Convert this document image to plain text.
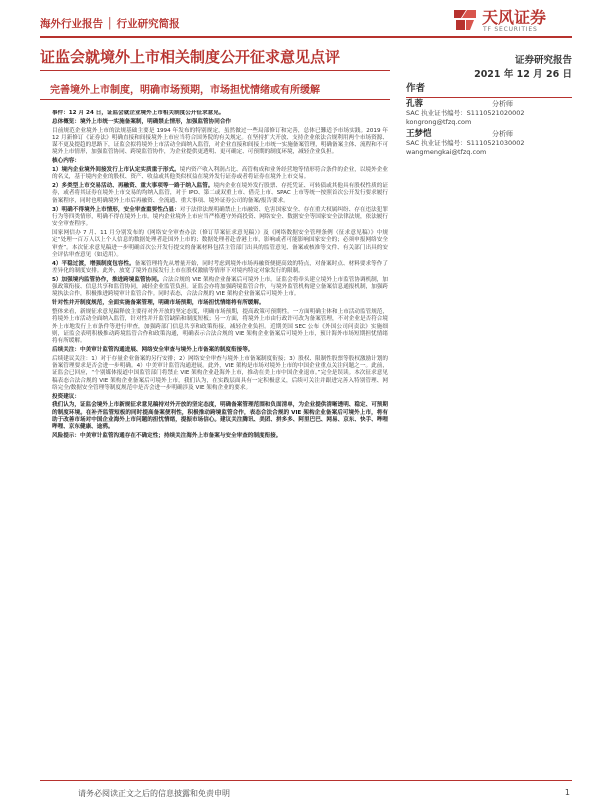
海外行业报告 │ 行业研究简报	天风证券
TF SECURITIES
证监会就境外上市相关制度公开征求意见点评	证券研究报告
2021 年 12 月 26 日
完善境外上市制度，明确市场预期，市场担忧情绪或有所缓解	作者
孔蓉	分析师
SAC 执业证书编号：S1110521020002
kongrong@tfzq.com
王梦恺	分析师
SAC 执业证书编号：S1110521030002
wangmengkai@tfzq.com

事件：12 月 24 日，证监会就企业境外上市相关制度公开征求意见。

总体概览：境外上市统一实施备案制，明确禁止情形，加强监管协同合作

目前规范企业境外上市的法规基础主要是 1994 年发布的特别规定，虽然做过一些局部修订和完善，总体已難适予市场实践。2019 年 12 月新修订《证券法》明确直接和间接境外上市应当符合国务院的有关规定。在坚持扩大开放、支持企业依法合规利用两个市场资源、谋不更及提趋的思路下，证监会拟将境外上市活动全面纳入监管，对企业直接和间接上市统一实施备案管理，明确备案主体、流程和不可境外上市情形，加强监管协同、跨境监管协作，为企业提供更透明、更可确定、可预期的制度环境，减轻企业负担。

核心内容：

1）境内企业境外间接发行上市认定实质重于形式。境内资产收入利润占比、高管构成和业务经营地等情形符合条件的企业，以境外企业的名义，基于境内企业的股权、资产、收益或其他类似权益在境外发行证券或者将证券在境外上市交易。

2）多类型上市交易活动、再融资、重大事项等一路于纳入监管。境内企业在境外发行股票、存托凭证、可转债或其他具有股权性质的证券，或者将其证券在境外上市交易的均纳入监管，对于 IPO、第二或双重上市、借壳上市、SPAC 上市等统一按照首次公开发行要求履行备案程序，同时也明确境外上市后再融资、全流通、重大事项、境外证券公司的备案/报告要求。

3）明确不得境外上市情形，安全审查重要性凸显：对于法律法规明确禁止上市融资、危害国家安全、存在重大权属纠纷、存在违法犯罪行为等四类情形，明确不得在境外上市。境内企业境外上市应当严格遵守外商投资、网络安全、数据安全等国家安全法律法规，依法履行安全审查程序。

国家网信办 7 月、11 月分别发布的《网络安全审查办法（修订草案征求意见稿）》及《网络数据安全管理条例（征求意见稿）》中规定“处理一百万人以上个人信息的数据处理者赴国外上市的；数据处理者赴香港上市，影响或者可能影响国家安全的；必须申报网络安全审查”。本次征求意见稿进一步明确首次公开发行提交的备案材料包括主管部门出具的监管意见、备案或核准等文件、有关部门出具的安全评估审查意见（如适用）。

4）平稳过渡，增强制度包容性。备案管理将先从增量开始，同时考虑到境外市场再融资便捷高效的特点，对备案时点、材料要求等作了差异化的制度安排。此外，放宽了境外直接发行上市在股权激励等情形下对境内特定对象发行的限制。

5）加强境内监管协作，推进跨境监管协同。合法合规的 VIE 架构企业备案后可境外上市。证监会将牵头建立境外上市监管协调机制，加强政策衔接、信息共享和监管协同，减轻企业监管负担。证监会亦将加强跨境监管合作，与境外监管机构建立备案信息通报机制，加强跨境执法合作，积极推进跨境审计监管合作。同时表态，合法合规的 VIE 架构企业备案后可境外上市。

针对性并开制度规范，全面实施备案管理，明确市场预期，市场担忧情绪将有所缓解。

整体来看，新规征求意见稿释放主要待对外开放的坚定态度，明确市场预期，提高政策可预期性。一方面明确主体和上市活动监管规范，将境外上市活动全面纳入监管，针对性并开监管缺陷和制度短板；另一方面，将境外上市由行政许可改为备案管理，不对企业是否符合境外上市地发行上市条件等进行审查，加强跨部门信息共享和政策衔接，减轻企业负担。近期美国 SEC 公布《外国公司问责法》实施细则，证监会表明积极推动跨境监管合作和政策沟通，明确表示合法合规的 VIE 架构企业备案后可境外上市，预计海外市场短期担忧情绪将有所缓解。

后续关注：中美审计监管沟通进展、网络安全审查与境外上市备案的制度衔接等。

后续建议关注：1）对于存量企业备案的另行安排；2）网络安全审查与境外上市备案制度衔接；3）股权、限制性股票等股权激励计划的备案管理要求是否会进一步明确。4）中美审计监管沟通进展。此外，VIE 架构是市场对境外上市的中国企业重点关注问题之一。此前，证监会已回应，“个别媒体报道中国监管部门将禁止 VIE 架构企业赴海外上市，推动在美上市中国企业退市。”完全是误读。本次征求意见稿表态合法合规的 VIE 架构企业备案后可境外上市，我们认为，在实践层面具有一定积极意义，后续可关注并跟进完善入特别管理、网络完全/数据安全管理等制度规范中是否会进一步明确涉及 VIE 架构企业的要求。

投资建议：

我们认为，证监会境外上市新规征求意见稿持对外开放的坚定态度，明确备案管理范围和负面清单，为企业提供清晰透明、稳定、可预期的制度环境。在补齐监管短板的同时提高备案便利性，积极推动跨境监管合作，表态合法合规的 VIE 架构企业备案后可境外上市，将有助于改善市场对中国企业海外上市问题的担忧情绪，提振市场信心。建议关注腾讯、美团、拼多多、阿里巴巴、网易、京东、快手、哔哩哔哩、京东健康、途鸦。

风险提示：中美审计监管沟通存在不确定性；持续关注海外上市备案与安全审查的制度衔接。

请务必阅读正文之后的信息披露和免责申明	1
